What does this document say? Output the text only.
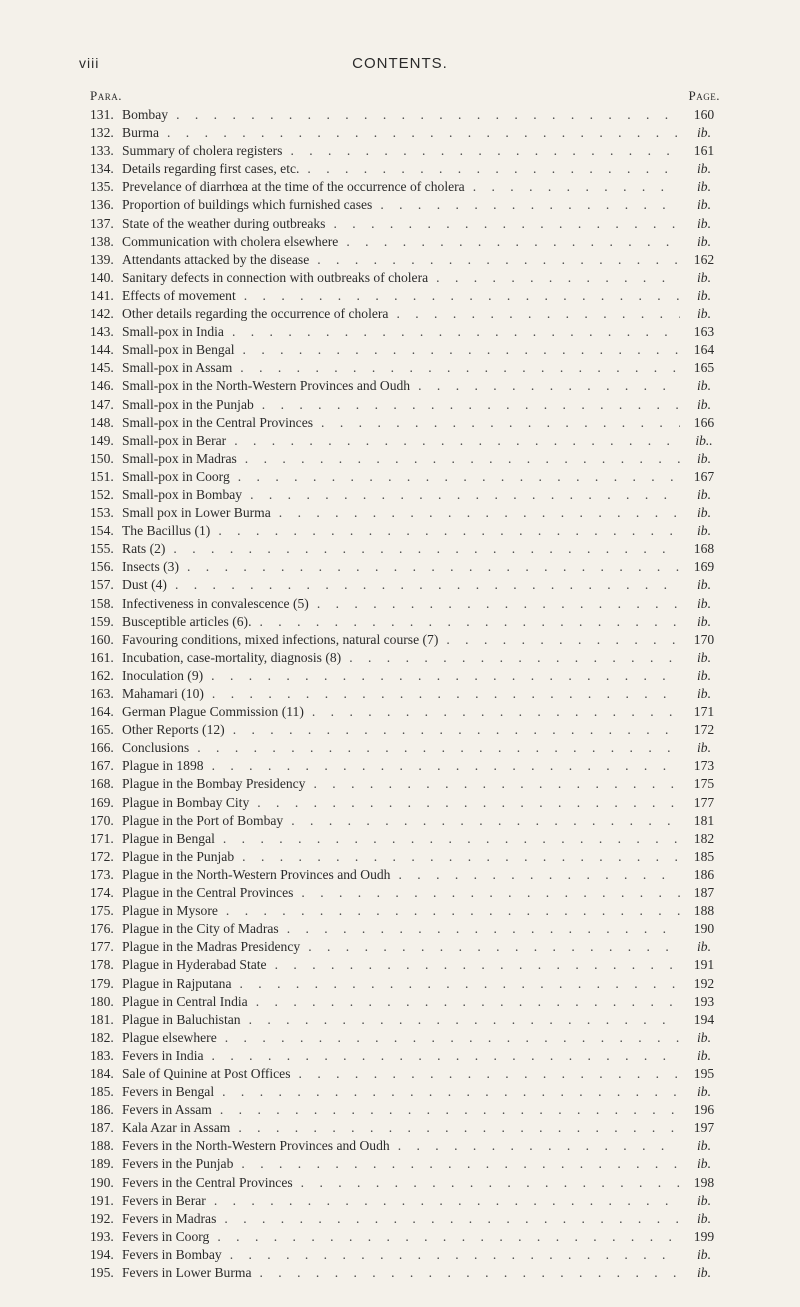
viii	CONTENTS.
Para.	Page.
131. Bombay . . .	160
132. Burma . . .	ib.
133. Summary of cholera registers . . .	161
134. Details regarding first cases, etc. . . .	ib.
135. Prevelance of diarrhœa at the time of the occurrence of cholera . . .	ib.
136. Proportion of buildings which furnished cases . . .	ib.
137. State of the weather during outbreaks . . .	ib.
138. Communication with cholera elsewhere . . .	ib.
139. Attendants attacked by the disease . . .	162
140. Sanitary defects in connection with outbreaks of cholera . . .	ib.
141. Effects of movement . . .	ib.
142. Other details regarding the occurrence of cholera . . .	ib.
143. Small-pox in India . . .	163
144. Small-pox in Bengal . . .	164
145. Small-pox in Assam . . .	165
146. Small-pox in the North-Western Provinces and Oudh . . .	ib.
147. Small-pox in the Punjab . . .	ib.
148. Small-pox in the Central Provinces . . .	166
149. Small-pox in Berar . . .	ib..
150. Small-pox in Madras . . .	ib.
151. Small-pox in Coorg . . .	167
152. Small-pox in Bombay . . .	ib.
153. Small pox in Lower Burma . . .	ib.
154. The Bacillus (1) . . .	ib.
155. Rats (2) . . .	168
156. Insects (3) . . .	169
157. Dust (4) . . .	ib.
158. Infectiveness in convalescence (5) . . .	ib.
159. Busceptible articles (6). . . .	ib.
160. Favouring conditions, mixed infections, natural course (7) . . .	170
161. Incubation, case-mortality, diagnosis (8) . . .	ib.
162. Inoculation (9) . . .	ib.
163. Mahamari (10) . . .	ib.
164. German Plague Commission (11) . . .	171
165. Other Reports (12) . . .	172
166. Conclusions . . .	ib.
167. Plague in 1898 . . .	173
168. Plague in the Bombay Presidency . . .	175
169. Plague in Bombay City . . .	177
170. Plague in the Port of Bombay . . .	181
171. Plague in Bengal . . .	182
172. Plague in the Punjab . . .	185
173. Plague in the North-Western Provinces and Oudh . . .	186
174. Plague in the Central Provinces . . .	187
175. Plague in Mysore . . .	188
176. Plague in the City of Madras . . .	190
177. Plague in the Madras Presidency . . .	ib.
178. Plague in Hyderabad State . . .	191
179. Plague in Rajputana . . .	192
180. Plague in Central India . . .	193
181. Plague in Baluchistan . . .	194
182. Plague elsewhere . . .	ib.
183. Fevers in India . . .	ib.
184. Sale of Quinine at Post Offices . . .	195
185. Fevers in Bengal . . .	ib.
186. Fevers in Assam . . .	196
187. Kala Azar in Assam . . .	197
188. Fevers in the North-Western Provinces and Oudh . . .	ib.
189. Fevers in the Punjab . . .	ib.
190. Fevers in the Central Provinces . . .	198
191. Fevers in Berar . . .	ib.
192. Fevers in Madras . . .	ib.
193. Fevers in Coorg . . .	199
194. Fevers in Bombay . . .	ib.
195. Fevers in Lower Burma . . .	ib.
